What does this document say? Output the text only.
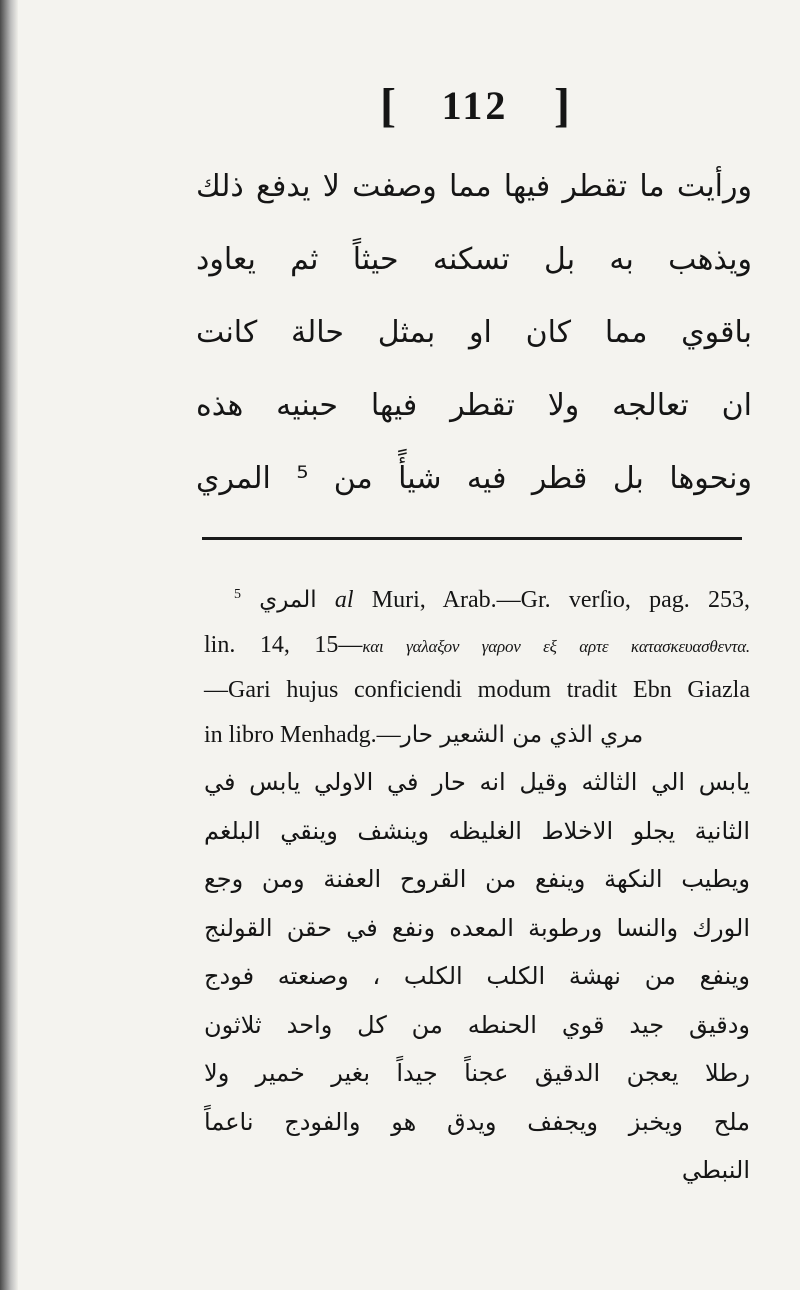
[	112 ]
ورأيت ما تقطر فيها مما وصفت لا يدفع ذلك
ويذهب به بل تسكنه حيثاً ثم يعاود
باقوي مما كان او بمثل حالة كانت
ان تعالجه ولا تقطر فيها حبنيه هذه
ونحوها بل قطر فيه شيأً من ⁵ المري
$^5$ المري al Muri, Arab.—Gr. verſio, pag. 253,
lin. 14, 15—και γαλαξον γαρον εξ αρτε κατασκευασθεντα.
—Gari hujus conficiendi modum tradit Ebn Giazla
in libro Menhadg.—مري الذي من الشعير حار
يابس الي الثالثه وقيل انه حار في الاولي يابس في
الثانية يجلو الاخلاط الغليظه وينشف وينقي البلغم
ويطيب النكهة وينفع من القروح العفنة ومن وجع
الورك والنسا ورطوبة المعده ونفع في حقن القولنج
وينفع من نهشة الكلب الكلب ، وصنعته فودج
ودقيق جيد قوي الحنطه من كل واحد ثلاثون
رطلا يعجن الدقيق عجناً جيداً بغير خمير ولا
ملح ويخبز ويجفف ويدق هو والفودج ناعماً
النبطي
